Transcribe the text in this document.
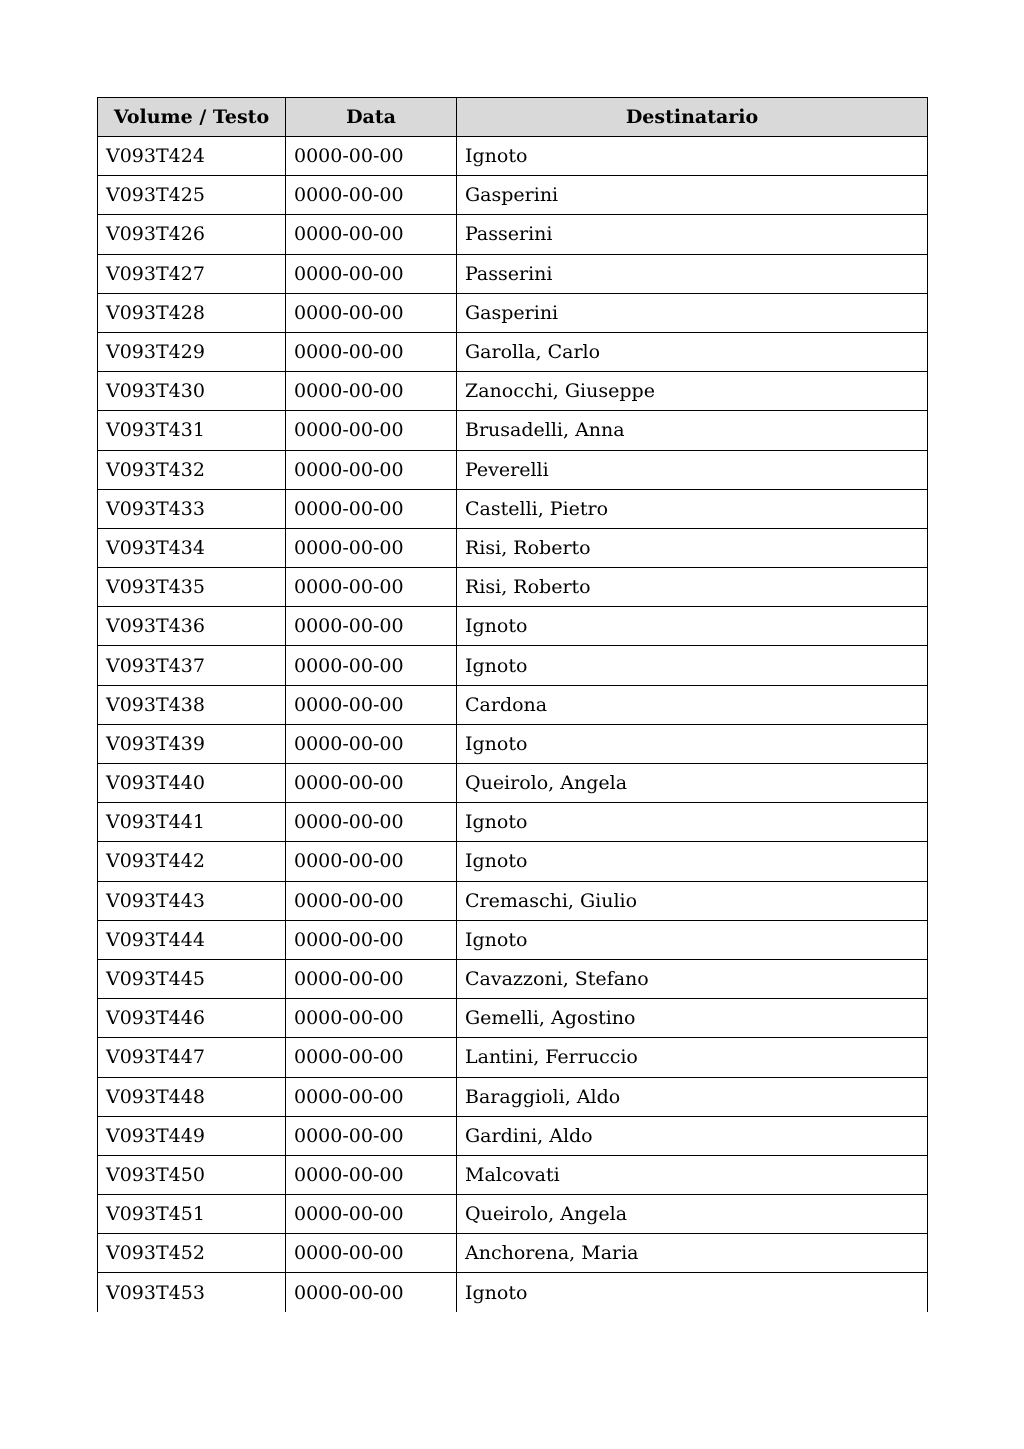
Volume / Testo	Data	Destinatario
V093T424	0000-00-00	Ignoto
V093T425	0000-00-00	Gasperini
V093T426	0000-00-00	Passerini
V093T427	0000-00-00	Passerini
V093T428	0000-00-00	Gasperini
V093T429	0000-00-00	Garolla, Carlo
V093T430	0000-00-00	Zanocchi, Giuseppe
V093T431	0000-00-00	Brusadelli, Anna
V093T432	0000-00-00	Peverelli
V093T433	0000-00-00	Castelli, Pietro
V093T434	0000-00-00	Risi, Roberto
V093T435	0000-00-00	Risi, Roberto
V093T436	0000-00-00	Ignoto
V093T437	0000-00-00	Ignoto
V093T438	0000-00-00	Cardona
V093T439	0000-00-00	Ignoto
V093T440	0000-00-00	Queirolo, Angela
V093T441	0000-00-00	Ignoto
V093T442	0000-00-00	Ignoto
V093T443	0000-00-00	Cremaschi, Giulio
V093T444	0000-00-00	Ignoto
V093T445	0000-00-00	Cavazzoni, Stefano
V093T446	0000-00-00	Gemelli, Agostino
V093T447	0000-00-00	Lantini, Ferruccio
V093T448	0000-00-00	Baraggioli, Aldo
V093T449	0000-00-00	Gardini, Aldo
V093T450	0000-00-00	Malcovati
V093T451	0000-00-00	Queirolo, Angela
V093T452	0000-00-00	Anchorena, Maria
V093T453	0000-00-00	Ignoto
